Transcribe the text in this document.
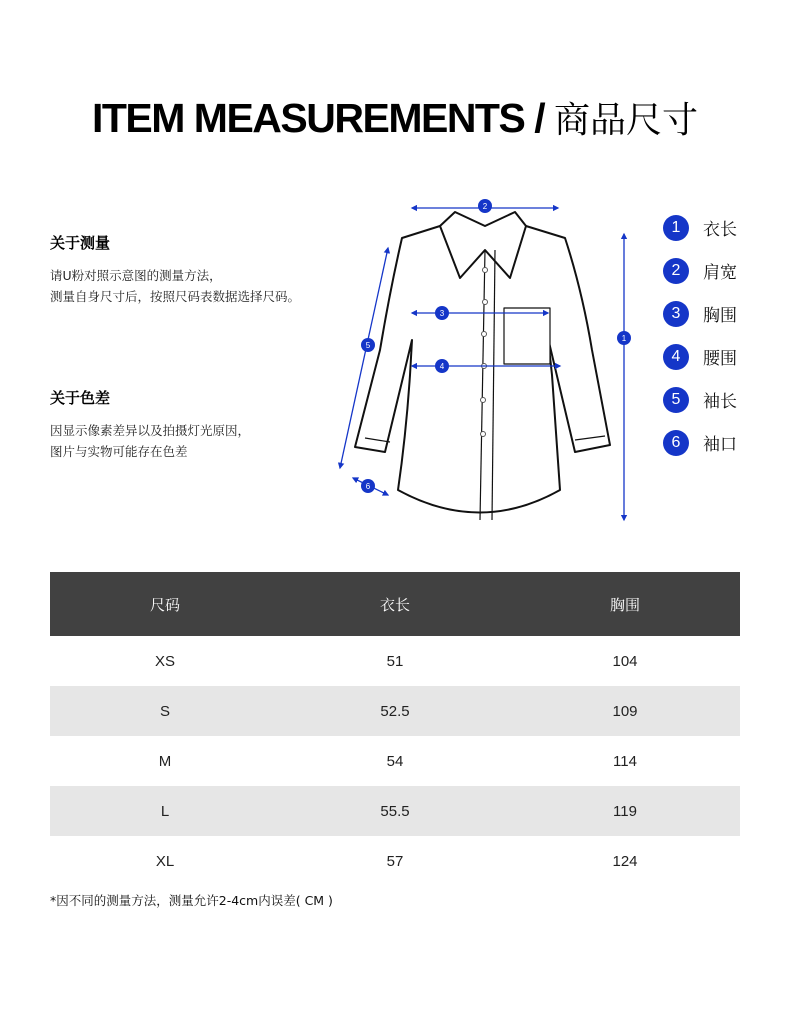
ITEM MEASUREMENTS / 商品尺寸
关于测量
请U粉对照示意图的测量方法，
测量自身尺寸后，按照尺码表数据选择尺码。
关于色差
因显示像素差异以及拍摄灯光原因，
图片与实物可能存在色差
2
1
3
4
5
6
1	衣长
2	肩宽
3	胸围
4	腰围
5	袖长
6	袖口
尺码	衣长	胸围
XS	51	104
S	52.5	109
M	54	114
L	55.5	119
XL	57	124
*因不同的测量方法，测量允许2-4cm内误差( CM )
